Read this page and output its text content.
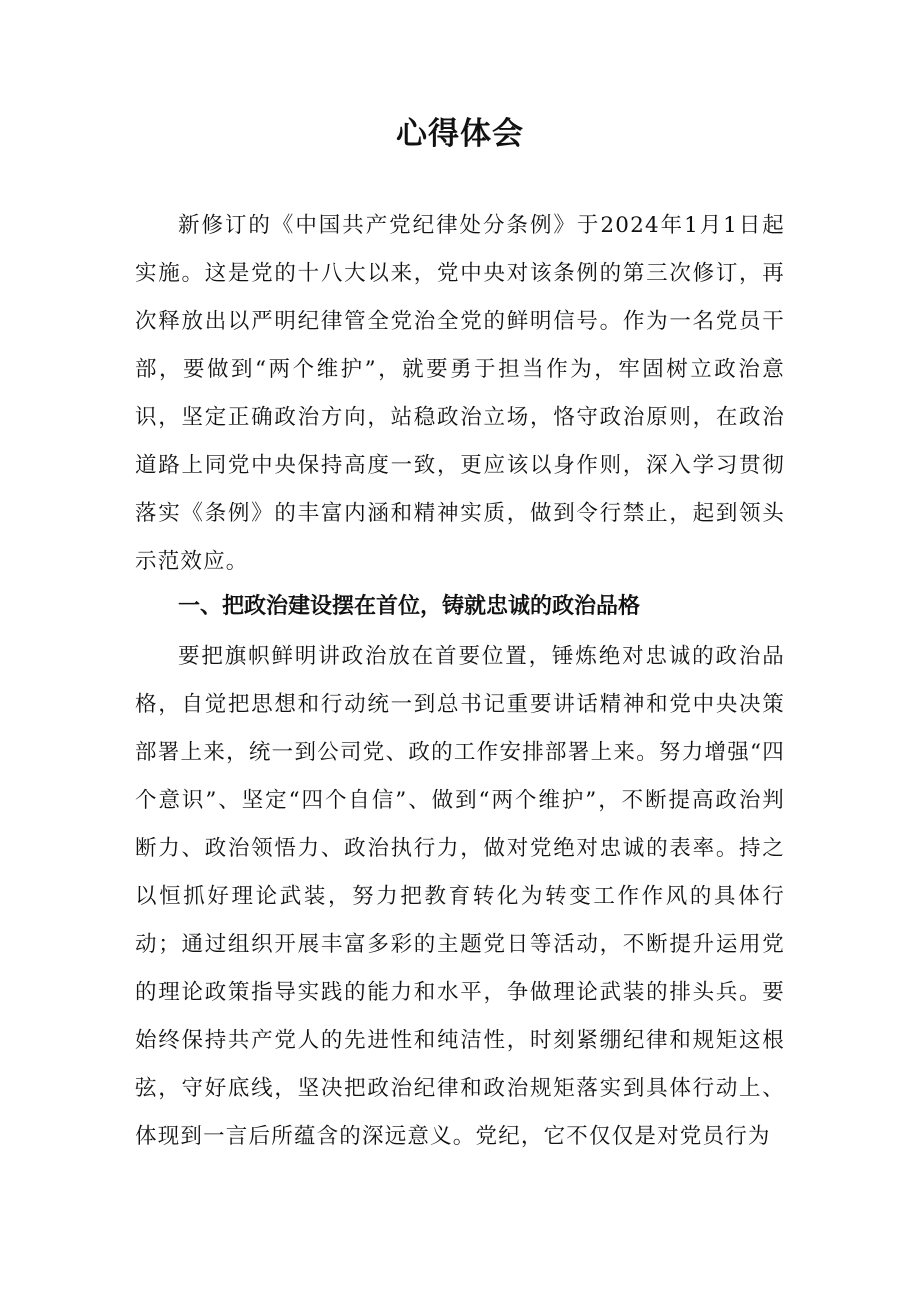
心得体会

新修订的《中国共产党纪律处分条例》于2024年1月1日起实施。这是党的十八大以来，党中央对该条例的第三次修订，再次释放出以严明纪律管全党治全党的鲜明信号。作为一名党员干部，要做到“两个维护”，就要勇于担当作为，牢固树立政治意识，坚定正确政治方向，站稳政治立场，恪守政治原则，在政治道路上同党中央保持高度一致，更应该以身作则，深入学习贯彻落实《条例》的丰富内涵和精神实质，做到令行禁止，起到领头示范效应。

一、把政治建设摆在首位，铸就忠诚的政治品格

要把旗帜鲜明讲政治放在首要位置，锤炼绝对忠诚的政治品格，自觉把思想和行动统一到总书记重要讲话精神和党中央决策部署上来，统一到公司党、政的工作安排部署上来。努力增强“四个意识”、坚定“四个自信”、做到“两个维护”，不断提高政治判断力、政治领悟力、政治执行力，做对党绝对忠诚的表率。持之以恒抓好理论武装，努力把教育转化为转变工作作风的具体行动；通过组织开展丰富多彩的主题党日等活动，不断提升运用党的理论政策指导实践的能力和水平，争做理论武装的排头兵。要始终保持共产党人的先进性和纯洁性，时刻紧绷纪律和规矩这根弦，守好底线，坚决把政治纪律和政治规矩落实到具体行动上、体现到一言后所蕴含的深远意义。党纪，它不仅仅是对党员行为
